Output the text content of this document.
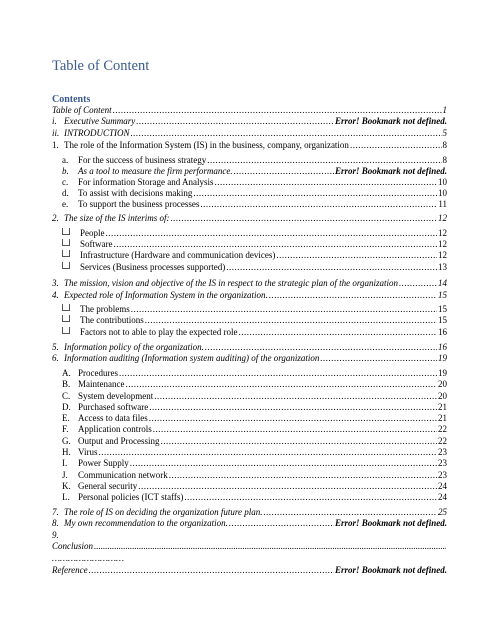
Table of Content
Contents
Table of Content .....	1
i. Executive Summary .....	Error! Bookmark not defined.
ii. INTRODUCTION .....	5
1. The role of the Information System (IS) in the business, company, organization .....	8
a.	For the success of business strategy .....	8
b.	As a tool to measure the firm performance. .....	Error! Bookmark not defined.
c.	For information Storage and Analysis .....	10
d.	To assist with decisions making .....	10
e.	To support the business processes .....	11
2. The size of the IS interims of: .....	12
People .....	12
Software .....	12
Infrastructure (Hardware and communication devices) .....	12
Services (Business processes supported) .....	13
3. The mission, vision and objective of the IS in respect to the strategic plan of the organization .....	14
4. Expected role of Information System in the organization. .....	15
The problems .....	15
The contributions .....	15
Factors not to able to play the expected role .....	16
5. Information policy of the organization. .....	16
6. Information auditing (Information system auditing) of the organization .....	19
A. Procedures .....	19
B. Maintenance .....	20
C. System development .....	20
D. Purchased software .....	21
E. Access to data files .....	21
F.	Application controls .....	22
G. Output and Processing .....	22
H. Virus .....	23
I.	Power Supply .....	23
J.	Communication network .....	23
K. General security .....	24
L. Personal policies (ICT staffs) .....	24
7. The role of IS on deciding the organization future plan. .....	25
8. My own recommendation to the organization. .....	Error! Bookmark not defined.
9.
Conclusion
.....
………………………
Reference .....	Error! Bookmark not defined.
